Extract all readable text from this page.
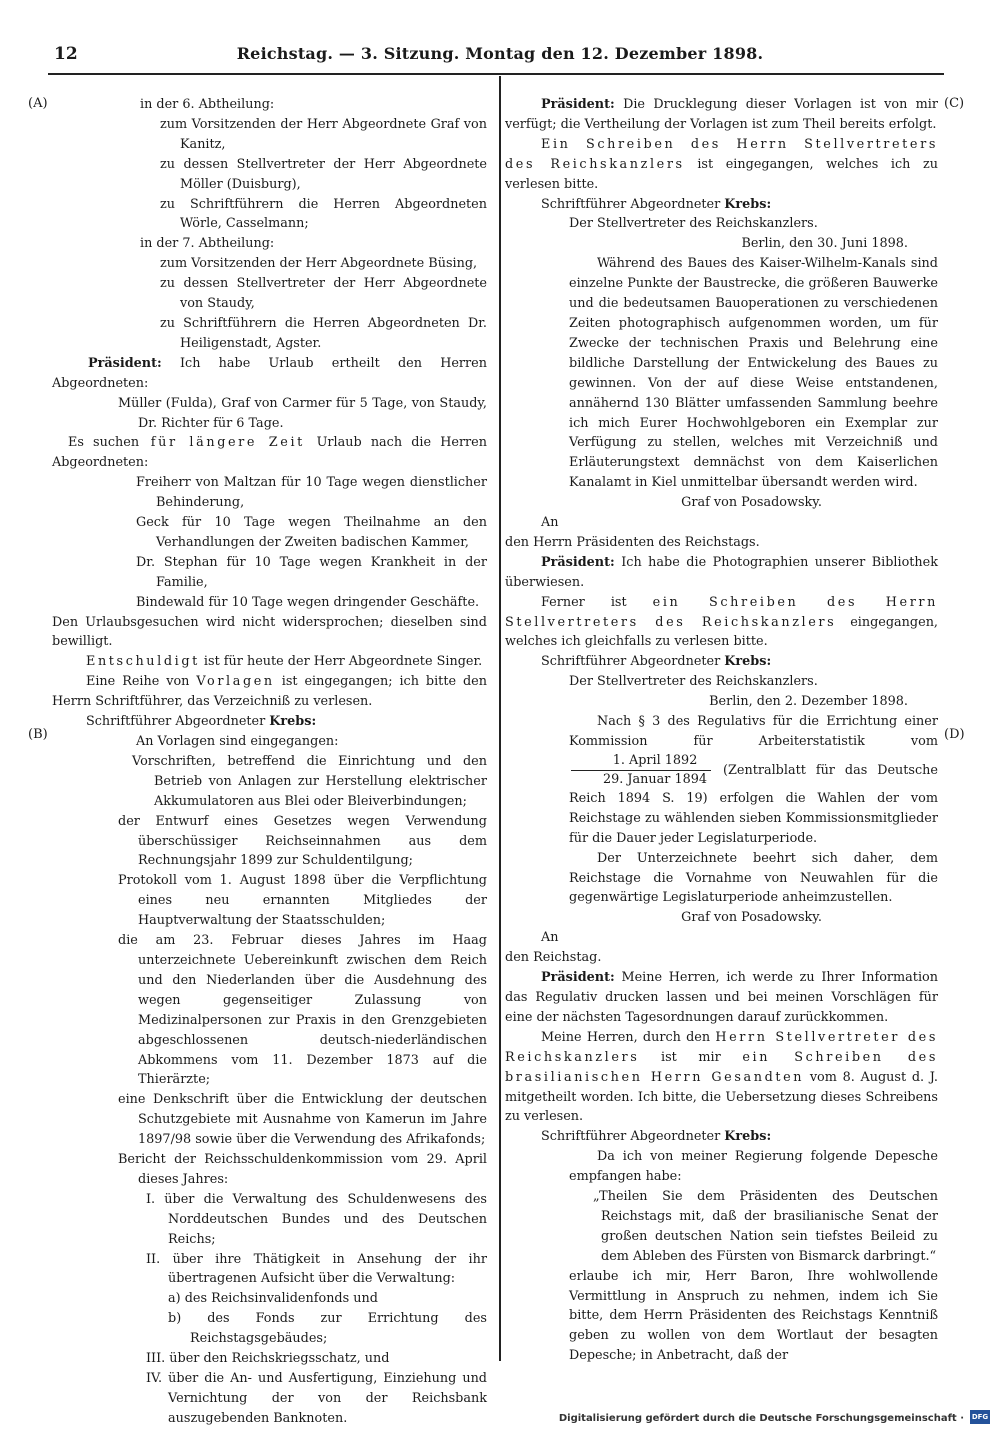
12	Reichstag. — 3. Sitzung. Montag den 12. Dezember 1898.
(A)
(B)
(C)
(D)

in der 6. Abtheilung:

zum Vorsitzenden der Herr Abgeordnete Graf von Kanitz,

zu dessen Stellvertreter der Herr Abgeordnete Möller (Duisburg),

zu Schriftführern die Herren Abgeordneten Wörle, Casselmann;

in der 7. Abtheilung:

zum Vorsitzenden der Herr Abgeordnete Büsing,

zu dessen Stellvertreter der Herr Abgeordnete von Staudy,

zu Schriftführern die Herren Abgeordneten Dr. Heiligenstadt, Agster.

Präsident: Ich habe Urlaub ertheilt den Herren Abgeordneten:

Müller (Fulda), Graf von Carmer für 5 Tage, von Staudy, Dr. Richter für 6 Tage.

Es suchen für längere Zeit Urlaub nach die Herren Abgeordneten:

Freiherr von Maltzan für 10 Tage wegen dienstlicher Behinderung,

Geck für 10 Tage wegen Theilnahme an den Verhandlungen der Zweiten badischen Kammer,

Dr. Stephan für 10 Tage wegen Krankheit in der Familie,

Bindewald für 10 Tage wegen dringender Geschäfte.

Den Urlaubsgesuchen wird nicht widersprochen; dieselben sind bewilligt.

Entschuldigt ist für heute der Herr Abgeordnete Singer.

Eine Reihe von Vorlagen ist eingegangen; ich bitte den Herrn Schriftführer, das Verzeichniß zu verlesen.

Schriftführer Abgeordneter Krebs:

An Vorlagen sind eingegangen:

Vorschriften, betreffend die Einrichtung und den Betrieb von Anlagen zur Herstellung elektrischer Akkumulatoren aus Blei oder Bleiverbindungen;

der Entwurf eines Gesetzes wegen Verwendung überschüssiger Reichseinnahmen aus dem Rechnungsjahr 1899 zur Schuldentilgung;

Protokoll vom 1. August 1898 über die Verpflichtung eines neu ernannten Mitgliedes der Hauptverwaltung der Staatsschulden;

die am 23. Februar dieses Jahres im Haag unterzeichnete Uebereinkunft zwischen dem Reich und den Niederlanden über die Ausdehnung des wegen gegenseitiger Zulassung von Medizinalpersonen zur Praxis in den Grenzgebieten abgeschlossenen deutsch-niederländischen Abkommens vom 11. Dezember 1873 auf die Thierärzte;

eine Denkschrift über die Entwicklung der deutschen Schutzgebiete mit Ausnahme von Kamerun im Jahre 1897/98 sowie über die Verwendung des Afrikafonds;

Bericht der Reichsschuldenkommission vom 29. April dieses Jahres:

I. über die Verwaltung des Schuldenwesens des Norddeutschen Bundes und des Deutschen Reichs;

II. über ihre Thätigkeit in Ansehung der ihr übertragenen Aufsicht über die Verwaltung:

a) des Reichsinvalidenfonds und

b) des Fonds zur Errichtung des Reichstagsgebäudes;

III. über den Reichskriegsschatz, und

IV. über die An- und Ausfertigung, Einziehung und Vernichtung der von der Reichsbank auszugebenden Banknoten.

Präsident: Die Drucklegung dieser Vorlagen ist von mir verfügt; die Vertheilung der Vorlagen ist zum Theil bereits erfolgt.

Ein Schreiben des Herrn Stellvertreters des Reichskanzlers ist eingegangen, welches ich zu verlesen bitte.

Schriftführer Abgeordneter Krebs:

Der Stellvertreter des Reichskanzlers.

Berlin, den 30. Juni 1898.

Während des Baues des Kaiser-Wilhelm-Kanals sind einzelne Punkte der Baustrecke, die größeren Bauwerke und die bedeutsamen Bauoperationen zu verschiedenen Zeiten photographisch aufgenommen worden, um für Zwecke der technischen Praxis und Belehrung eine bildliche Darstellung der Entwickelung des Baues zu gewinnen. Von der auf diese Weise entstandenen, annähernd 130 Blätter umfassenden Sammlung beehre ich mich Eurer Hochwohlgeboren ein Exemplar zur Verfügung zu stellen, welches mit Verzeichniß und Erläuterungstext demnächst von dem Kaiserlichen Kanalamt in Kiel unmittelbar übersandt werden wird.

Graf von Posadowsky.

An

den Herrn Präsidenten des Reichstags.

Präsident: Ich habe die Photographien unserer Bibliothek überwiesen.

Ferner ist ein Schreiben des Herrn Stellvertreters des Reichskanzlers eingegangen, welches ich gleichfalls zu verlesen bitte.

Schriftführer Abgeordneter Krebs:

Der Stellvertreter des Reichskanzlers.

Berlin, den 2. Dezember 1898.

Nach § 3 des Regulativs für die Errichtung einer Kommission für Arbeiterstatistik vom
$\frac{\text{1. April 1892}}{\text{29. Januar 1894}}$ (Zentralblatt für das Deutsche Reich 1894 S. 19) erfolgen die Wahlen der vom Reichstage zu wählenden sieben Kommissionsmitglieder für die Dauer jeder Legislaturperiode.

Der Unterzeichnete beehrt sich daher, dem Reichstage die Vornahme von Neuwahlen für die gegenwärtige Legislaturperiode anheimzustellen.

Graf von Posadowsky.

An

den Reichstag.

Präsident: Meine Herren, ich werde zu Ihrer Information das Regulativ drucken lassen und bei meinen Vorschlägen für eine der nächsten Tagesordnungen darauf zurückkommen.

Meine Herren, durch den Herrn Stellvertreter des Reichskanzlers ist mir ein Schreiben des brasilianischen Herrn Gesandten vom 8. August d. J. mitgetheilt worden. Ich bitte, die Uebersetzung dieses Schreibens zu verlesen.

Schriftführer Abgeordneter Krebs:

Da ich von meiner Regierung folgende Depesche empfangen habe:

„Theilen Sie dem Präsidenten des Deutschen Reichstags mit, daß der brasilianische Senat der großen deutschen Nation sein tiefstes Beileid zu dem Ableben des Fürsten von Bismarck darbringt.“

erlaube ich mir, Herr Baron, Ihre wohlwollende Vermittlung in Anspruch zu nehmen, indem ich Sie bitte, dem Herrn Präsidenten des Reichstags Kenntniß geben zu wollen von dem Wortlaut der besagten Depesche; in Anbetracht, daß der

Digitalisierung gefördert durch die Deutsche Forschungsgemeinschaft · DFG
